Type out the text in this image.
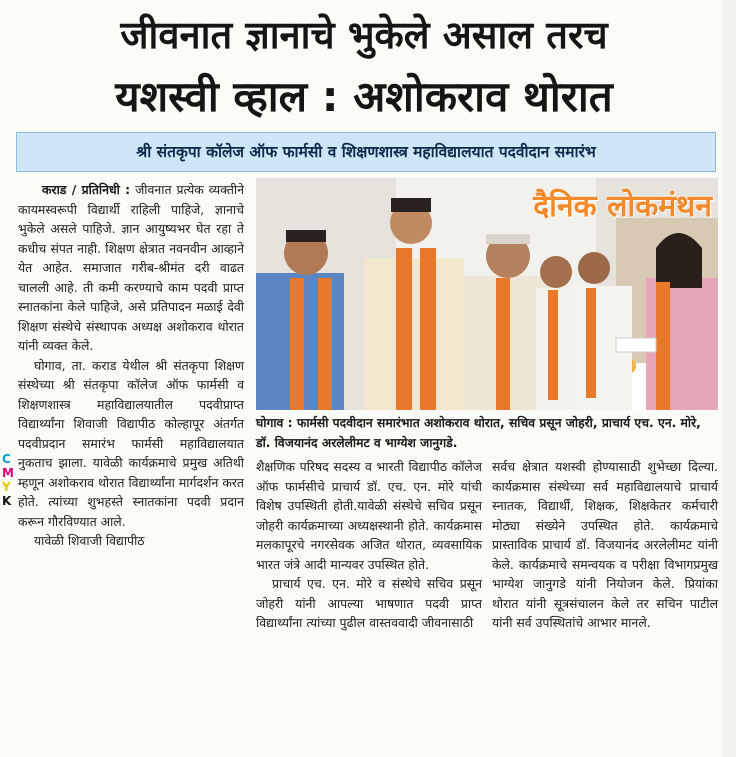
जीवनात ज्ञानाचे भुकेले असाल तरच
यशस्वी व्हाल : अशोकराव थोरात
श्री संतकृपा कॉलेज ऑफ फार्मसी व शिक्षणशास्त्र महाविद्यालयात पदवीदान समारंभ

कराड / प्रतिनिधी : जीवनात प्रत्येक व्यक्तीने कायमस्वरूपी विद्यार्थी राहिली पाहिजे, ज्ञानाचे भुकेले असले पाहिजे. ज्ञान आयुष्यभर घेत रहा ते कधीच संपत नाही. शिक्षण क्षेत्रात नवनवीन आव्हाने येत आहेत. समाजात गरीब-श्रीमंत दरी वाढत चालली आहे. ती कमी करण्याचे काम पदवी प्राप्त स्नातकांना केले पाहिजे, असे प्रतिपादन मळाई देवी शिक्षण संस्थेचे संस्थापक अध्यक्ष अशोकराव थोरात यांनी व्यक्त केले.

घोगाव, ता. कराड येथील श्री संतकृपा शिक्षण संस्थेच्या श्री संतकृपा कॉलेज ऑफ फार्मसी व शिक्षणशास्त्र महाविद्यालयातील पदवीप्राप्त विद्यार्थ्यांना शिवाजी विद्यापीठ कोल्हापूर अंतर्गत पदवीप्रदान समारंभ फार्मसी महाविद्यालयात नुकताच झाला. यावेळी कार्यक्रमाचे प्रमुख अतिथी म्हणून अशोकराव थोरात विद्यार्थ्यांना मार्गदर्शन करत होते. त्यांच्या शुभहस्ते स्नातकांना पदवी प्रदान करून गौरविण्यात आले.

यावेळी शिवाजी विद्यापीठ

C
M
Y
K
दैनिक लोकमंथन
घोगाव : फार्मसी पदवीदान समारंभात अशोकराव थोरात, सचिव प्रसून जोहरी, प्राचार्य एच. एन. मोरे, डॉ. विजयानंद अरलेलीमट व भाग्येश जानुगडे.

शैक्षणिक परिषद सदस्य व भारती विद्यापीठ कॉलेज ऑफ फार्मसीचे प्राचार्य डॉ. एच. एन. मोरे यांची विशेष उपस्थिती होती.यावेळी संस्थेचे सचिव प्रसून जोहरी कार्यक्रमाच्या अध्यक्षस्थानी होते. कार्यक्रमास मलकापूरचे नगरसेवक अजित थोरात, व्यवसायिक भारत जंत्रे आदी मान्यवर उपस्थित होते.

प्राचार्य एच. एन. मोरे व संस्थेचे सचिव प्रसून जोहरी यांनी आपल्या भाषणात पदवी प्राप्त विद्यार्थ्यांना त्यांच्या पुढील वास्तववादी जीवनासाठी

सर्वच क्षेत्रात यशस्वी होण्यासाठी शुभेच्छा दिल्या. कार्यक्रमास संस्थेच्या सर्व महाविद्यालयाचे प्राचार्य स्नातक, विद्यार्थी, शिक्षक, शिक्षकेतर कर्मचारी मोठ्या संख्येने उपस्थित होते. कार्यक्रमाचे प्रास्ताविक प्राचार्य डॉ. विजयानंद अरलेलीमट यांनी केले. कार्यक्रमाचे समन्वयक व परीक्षा विभागप्रमुख भाग्येश जानुगडे यांनी नियोजन केले. प्रियांका थोरात यांनी सूत्रसंचालन केले तर सचिन पाटील यांनी सर्व उपस्थितांचे आभार मानले.
